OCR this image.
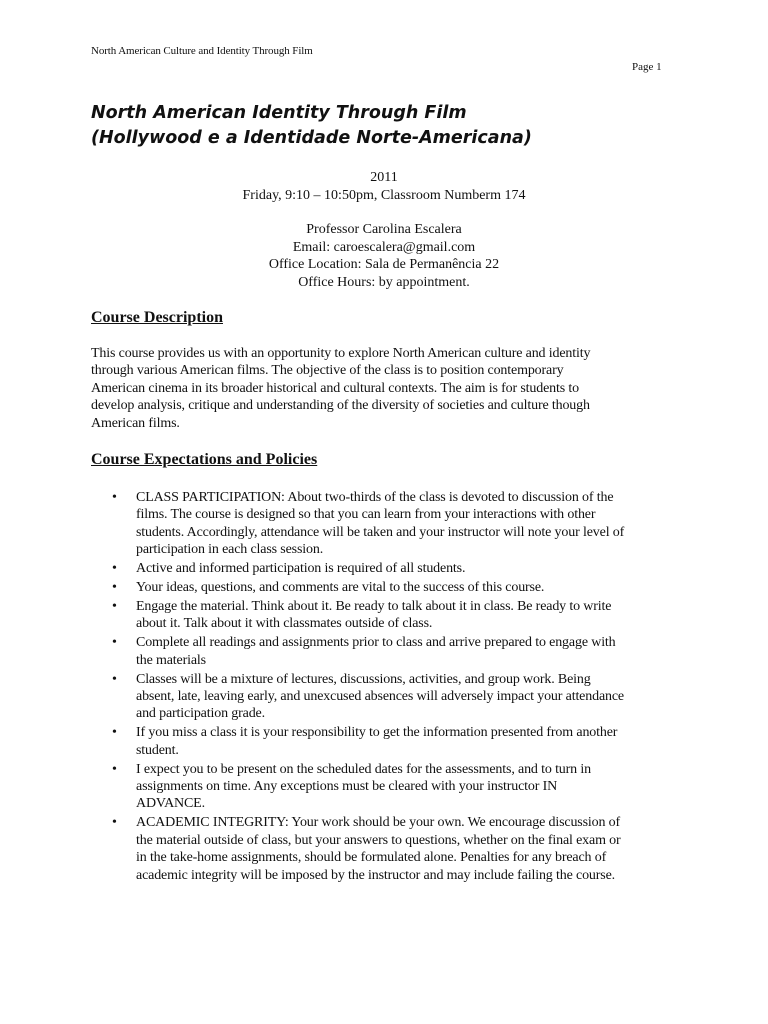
North American Culture and Identity Through Film
Page 1
North American Identity Through Film
(Hollywood e a Identidade Norte-Americana)
2011
Friday, 9:10 – 10:50pm, Classroom Numberm 174
Professor Carolina Escalera
Email: caroescalera@gmail.com
Office Location: Sala de Permanência 22
Office Hours: by appointment.
Course Description
This course provides us with an opportunity to explore North American culture and identity
through various American films. The objective of the class is to position contemporary
American cinema in its broader historical and cultural contexts. The aim is for students to
develop analysis, critique and understanding of the diversity of societies and culture though
American films.
Course Expectations and Policies
• CLASS PARTICIPATION: About two-thirds of the class is devoted to discussion of the
films. The course is designed so that you can learn from your interactions with other
students. Accordingly, attendance will be taken and your instructor will note your level of
participation in each class session.
• Active and informed participation is required of all students.
• Your ideas, questions, and comments are vital to the success of this course.
• Engage the material. Think about it. Be ready to talk about it in class. Be ready to write
about it. Talk about it with classmates outside of class.
• Complete all readings and assignments prior to class and arrive prepared to engage with
the materials
• Classes will be a mixture of lectures, discussions, activities, and group work. Being
absent, late, leaving early, and unexcused absences will adversely impact your attendance
and participation grade.
• If you miss a class it is your responsibility to get the information presented from another
student.
• I expect you to be present on the scheduled dates for the assessments, and to turn in
assignments on time. Any exceptions must be cleared with your instructor IN
ADVANCE.
• ACADEMIC INTEGRITY: Your work should be your own. We encourage discussion of
the material outside of class, but your answers to questions, whether on the final exam or
in the take-home assignments, should be formulated alone. Penalties for any breach of
academic integrity will be imposed by the instructor and may include failing the course.
